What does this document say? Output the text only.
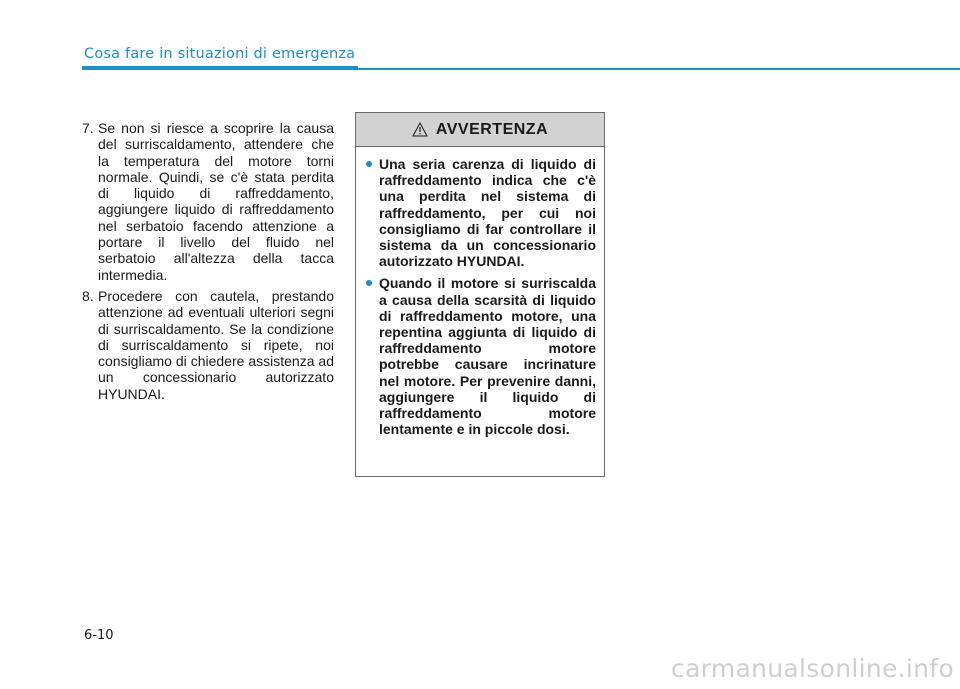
Cosa fare in situazioni di emergenza

7. Se non si riesce a scoprire la causa del surriscaldamento, attendere che la temperatura del motore torni normale. Quindi, se c'è stata perdita di liquido di raffreddamento, aggiungere liquido di raffreddamento nel serbatoio facendo attenzione a portare il livello del fluido nel serbatoio all'altezza della tacca intermedia.

8. Procedere con cautela, prestando attenzione ad eventuali ulteriori segni di surriscaldamento. Se la condizione di surriscaldamento si ripete, noi consigliamo di chiedere assistenza ad un concessionario autorizzato HYUNDAI.

AVVERTENZA

Una seria carenza di liquido di raffreddamento indica che c'è una perdita nel sistema di raffreddamento, per cui noi consigliamo di far controllare il sistema da un concessionario autorizzato HYUNDAI.

Quando il motore si surriscalda a causa della scarsità di liquido di raffreddamento motore, una repentina aggiunta di liquido di raffreddamento motore potrebbe causare incrinature nel motore. Per prevenire danni, aggiungere il liquido di raffreddamento motore lentamente e in piccole dosi.

6-10
carmanualsonline.info
